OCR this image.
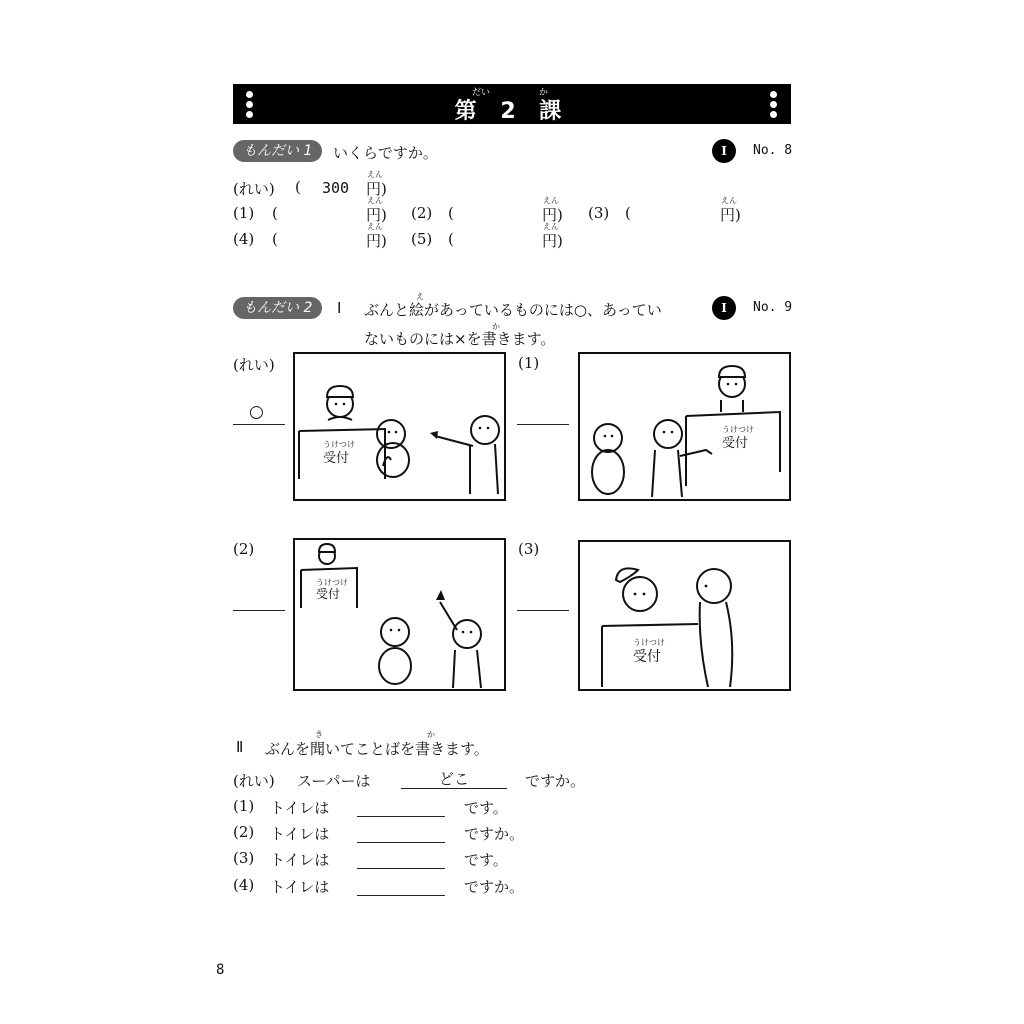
だい	か
第 2 課
もんだい 1	いくらですか。	Ⅰ	No. 8
(れい) ( 300
えん
円)
(1) (
えん
円) (2) (
えん
円) (3) (
えん
円)
(4) (
えん
円) (5) (
えん
円)
もんだい 2	I
え
ぶんと絵があっているものには○、あってい
か
ないものには×を書きます。
Ⅰ	No. 9
(れい)
○
(1)
(2)	(3)
うけつけ
受付
うけつけ
受付
うけつけ
受付
うけつけ
受付
Ⅱ
き	か
ぶんを聞いてことばを書きます。
(れい) スーパーは	どこ	ですか。
(1) トイレは	です。
(2) トイレは	ですか。
(3) トイレは	です。
(4) トイレは	ですか。
8
